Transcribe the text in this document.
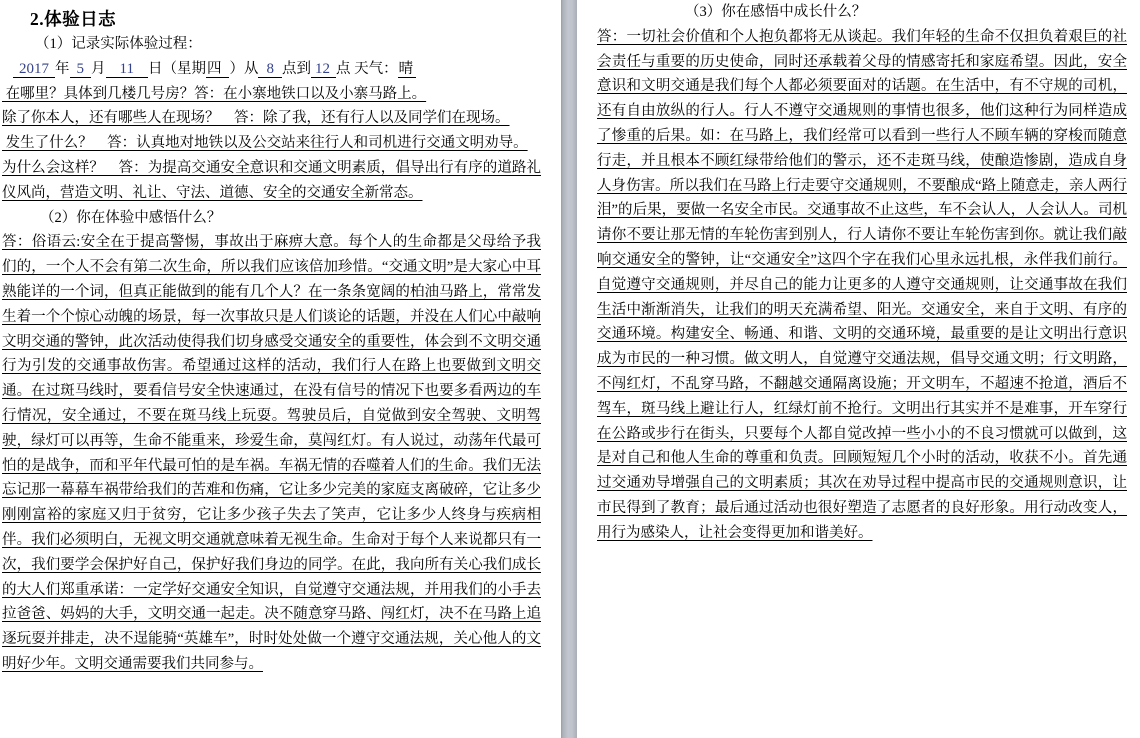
2.体验日志
（1）记录实际体验过程：
2017 年 5 月 11 日（星期四 ）从 8 点到 12 点 天气：晴
在哪里？具体到几楼几号房？答：在小寨地铁口以及小寨马路上。
除了你本人，还有哪些人在现场？　答：除了我，还有行人以及同学们在现场。
发生了什么？　答：认真地对地铁以及公交站来往行人和司机进行交通文明劝导。
为什么会这样？　答：为提高交通安全意识和交通文明素质，倡导出行有序的道路礼仪风尚，营造文明、礼让、守法、道德、安全的交通安全新常态。
（2）你在体验中感悟什么？
答：俗语云:安全在于提高警惕，事故出于麻痹大意。每个人的生命都是父母给予我们的，一个人不会有第二次生命，所以我们应该倍加珍惜。“交通文明”是大家心中耳熟能详的一个词，但真正能做到的能有几个人？在一条条宽阔的柏油马路上，常常发生着一个个惊心动魄的场景，每一次事故只是人们谈论的话题，并没在人们心中敲响文明交通的警钟，此次活动使得我们切身感受交通安全的重要性，体会到不文明交通行为引发的交通事故伤害。希望通过这样的活动，我们行人在路上也要做到文明交通。在过斑马线时，要看信号安全快速通过，在没有信号的情况下也要多看两边的车行情况，安全通过，不要在斑马线上玩耍。驾驶员后，自觉做到安全驾驶、文明驾驶，绿灯可以再等，生命不能重来，珍爱生命，莫闯红灯。有人说过，动荡年代最可怕的是战争，而和平年代最可怕的是车祸。车祸无情的吞噬着人们的生命。我们无法忘记那一幕幕车祸带给我们的苦难和伤痛，它让多少完美的家庭支离破碎，它让多少刚刚富裕的家庭又归于贫穷，它让多少孩子失去了笑声，它让多少人终身与疾病相伴。我们必须明白，无视文明交通就意味着无视生命。生命对于每个人来说都只有一次，我们要学会保护好自己，保护好我们身边的同学。在此，我向所有关心我们成长的大人们郑重承诺：一定学好交通安全知识，自觉遵守交通法规，并用我们的小手去拉爸爸、妈妈的大手，文明交通一起走。决不随意穿马路、闯红灯，决不在马路上追逐玩耍并排走，决不逞能骑“英雄车”，时时处处做一个遵守交通法规，关心他人的文明好少年。文明交通需要我们共同参与。
（3）你在感悟中成长什么？
答：一切社会价值和个人抱负都将无从谈起。我们年轻的生命不仅担负着艰巨的社会责任与重要的历史使命，同时还承载着父母的情感寄托和家庭希望。因此，安全意识和文明交通是我们每个人都必须要面对的话题。在生活中，有不守规的司机，还有自由放纵的行人。行人不遵守交通规则的事情也很多，他们这种行为同样造成了惨重的后果。如：在马路上，我们经常可以看到一些行人不顾车辆的穿梭而随意行走，并且根本不顾红绿带给他们的警示，还不走斑马线，使酿造惨剧，造成自身人身伤害。所以我们在马路上行走要守交通规则，不要酿成“路上随意走，亲人两行泪”的后果，要做一名安全市民。交通事故不止这些，车不会认人，人会认人。司机请你不要让那无情的车轮伤害到别人，行人请你不要让车轮伤害到你。就让我们敲响交通安全的警钟，让“交通安全”这四个字在我们心里永远扎根，永伴我们前行。自觉遵守交通规则，并尽自己的能力让更多的人遵守交通规则，让交通事故在我们生活中渐渐消失，让我们的明天充满希望、阳光。交通安全，来自于文明、有序的交通环境。构建安全、畅通、和谐、文明的交通环境，最重要的是让文明出行意识成为市民的一种习惯。做文明人，自觉遵守交通法规，倡导交通文明；行文明路，不闯红灯，不乱穿马路，不翻越交通隔离设施；开文明车，不超速不抢道，酒后不驾车，斑马线上避让行人，红绿灯前不抢行。文明出行其实并不是难事，开车穿行在公路或步行在街头，只要每个人都自觉改掉一些小小的不良习惯就可以做到，这是对自己和他人生命的尊重和负责。回顾短短几个小时的活动，收获不小。首先通过交通劝导增强自己的文明素质；其次在劝导过程中提高市民的交通规则意识，让市民得到了教育；最后通过活动也很好塑造了志愿者的良好形象。用行动改变人，用行为感染人，让社会变得更加和谐美好。
